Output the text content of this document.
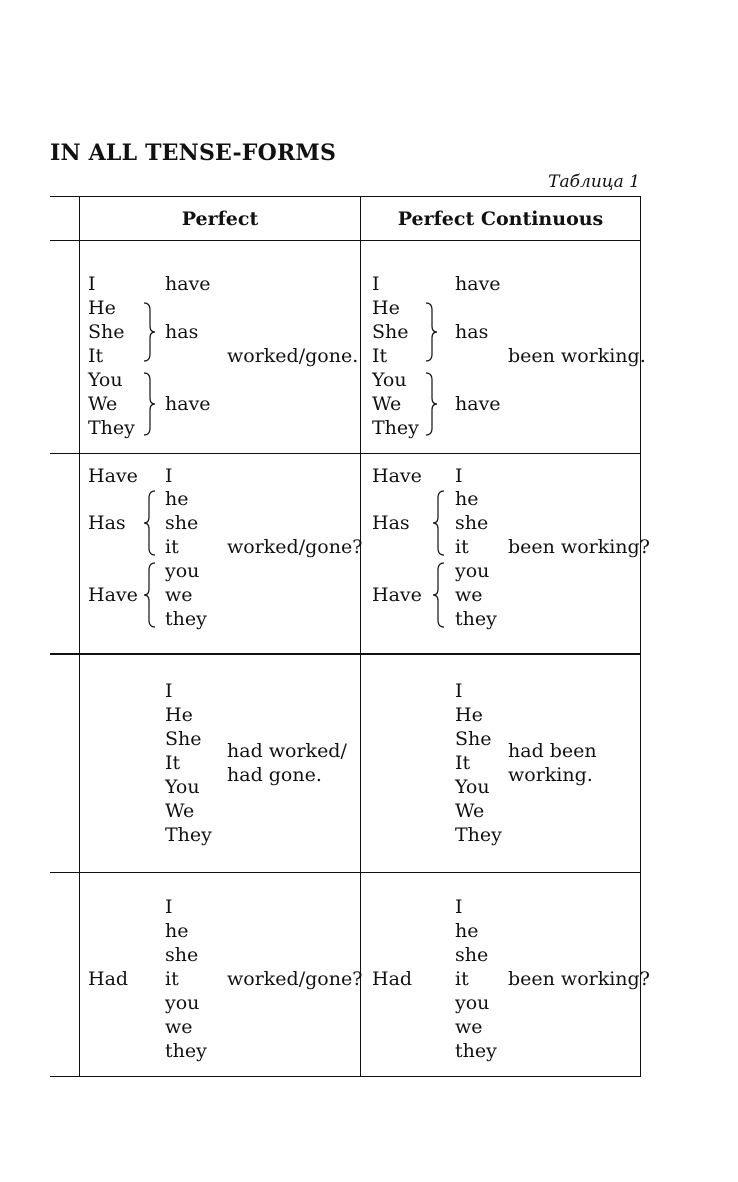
IN ALL TENSE-FORMS
Таблица 1
Perfect	Perfect Continuous
I
He
She
It
You
We
They
have
has
have
worked/gone.
I
He
She
It
You
We
They
have
has
have
been working.
Have
Has
Have
I
he
she
it
you
we
they
worked/gone?
Have
Has
Have
I
he
she
it
you
we
they
been working?
I
He
She
It
You
We
They
had worked/
had gone.
I
He
She
It
You
We
They
had been
working.
Had
I
he
she
it
you
we
they
worked/gone? Had
I
he
she
it
you
we
they
been working?
